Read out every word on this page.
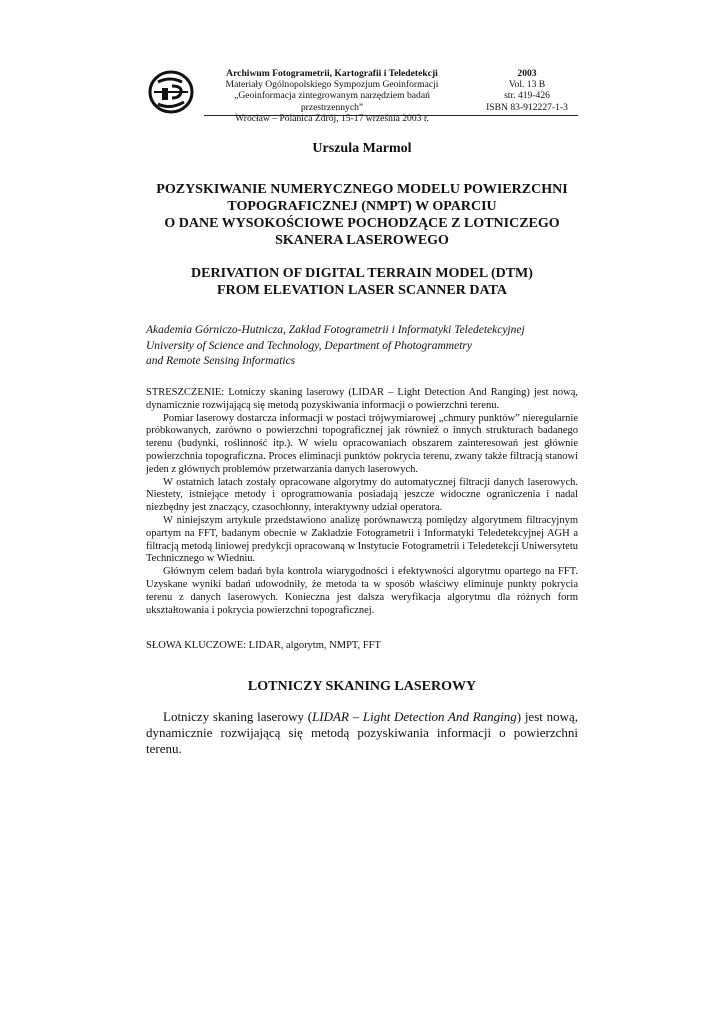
Archiwum Fotogrametrii, Kartografii i Teledetekcji
Materiały Ogólnopolskiego Sympozjum Geoinformacji
„Geoinformacja zintegrowanym narzędziem badań przestrzennych”
Wrocław – Polanica Zdrój, 15-17 września 2003 r.
2003
Vol. 13 B
str. 419-426
ISBN 83-912227-1-3
Urszula Marmol
POZYSKIWANIE NUMERYCZNEGO MODELU POWIERZCHNI
TOPOGRAFICZNEJ (NMPT) W OPARCIU
O DANE WYSOKOŚCIOWE POCHODZĄCE Z LOTNICZEGO
SKANERA LASEROWEGO
DERIVATION OF DIGITAL TERRAIN MODEL (DTM)
FROM ELEVATION LASER SCANNER DATA
Akademia Górniczo-Hutnicza, Zakład Fotogrametrii i Informatyki Teledetekcyjnej
University of Science and Technology, Department of Photogrammetry
and Remote Sensing Informatics

STRESZCZENIE: Lotniczy skaning laserowy (LIDAR – Light Detection And Ranging) jest nową, dynamicznie rozwijającą się metodą pozyskiwania informacji o powierzchni terenu.

Pomiar laserowy dostarcza informacji w postaci trójwymiarowej „chmury punktów” nieregularnie próbkowanych, zarówno o powierzchni topograficznej jak również o innych strukturach badanego terenu (budynki, roślinność itp.). W wielu opracowaniach obszarem zainteresowań jest głównie powierzchnia topograficzna. Proces eliminacji punktów pokrycia terenu, zwany także filtracją stanowi jeden z głównych problemów przetwarzania danych laserowych.

W ostatnich latach zostały opracowane algorytmy do automatycznej filtracji danych laserowych. Niestety, istniejące metody i oprogramowania posiadają jeszcze widoczne ograniczenia i nadal niezbędny jest znaczący, czasochłonny, interaktywny udział operatora.

W niniejszym artykule przedstawiono analizę porównawczą pomiędzy algorytmem filtracyjnym opartym na FFT, badanym obecnie w Zakładzie Fotogrametrii i Informatyki Teledetekcyjnej AGH a filtracją metodą liniowej predykcji opracowaną w Instytucie Fotogrametrii i Teledetekcji Uniwersytetu Technicznego w Wiedniu.

Głównym celem badań była kontrola wiarygodności i efektywności algorytmu opartego na FFT. Uzyskane wyniki badań udowodniły, że metoda ta w sposób właściwy eliminuje punkty pokrycia terenu z danych laserowych. Konieczna jest dalsza weryfikacja algorytmu dla różnych form ukształtowania i pokrycia powierzchni topograficznej.

SŁOWA KLUCZOWE: LIDAR, algorytm, NMPT, FFT
LOTNICZY SKANING LASEROWY
Lotniczy skaning laserowy (LIDAR – Light Detection And Ranging) jest nową,
dynamicznie rozwijającą się metodą pozyskiwania informacji o powierzchni terenu.
